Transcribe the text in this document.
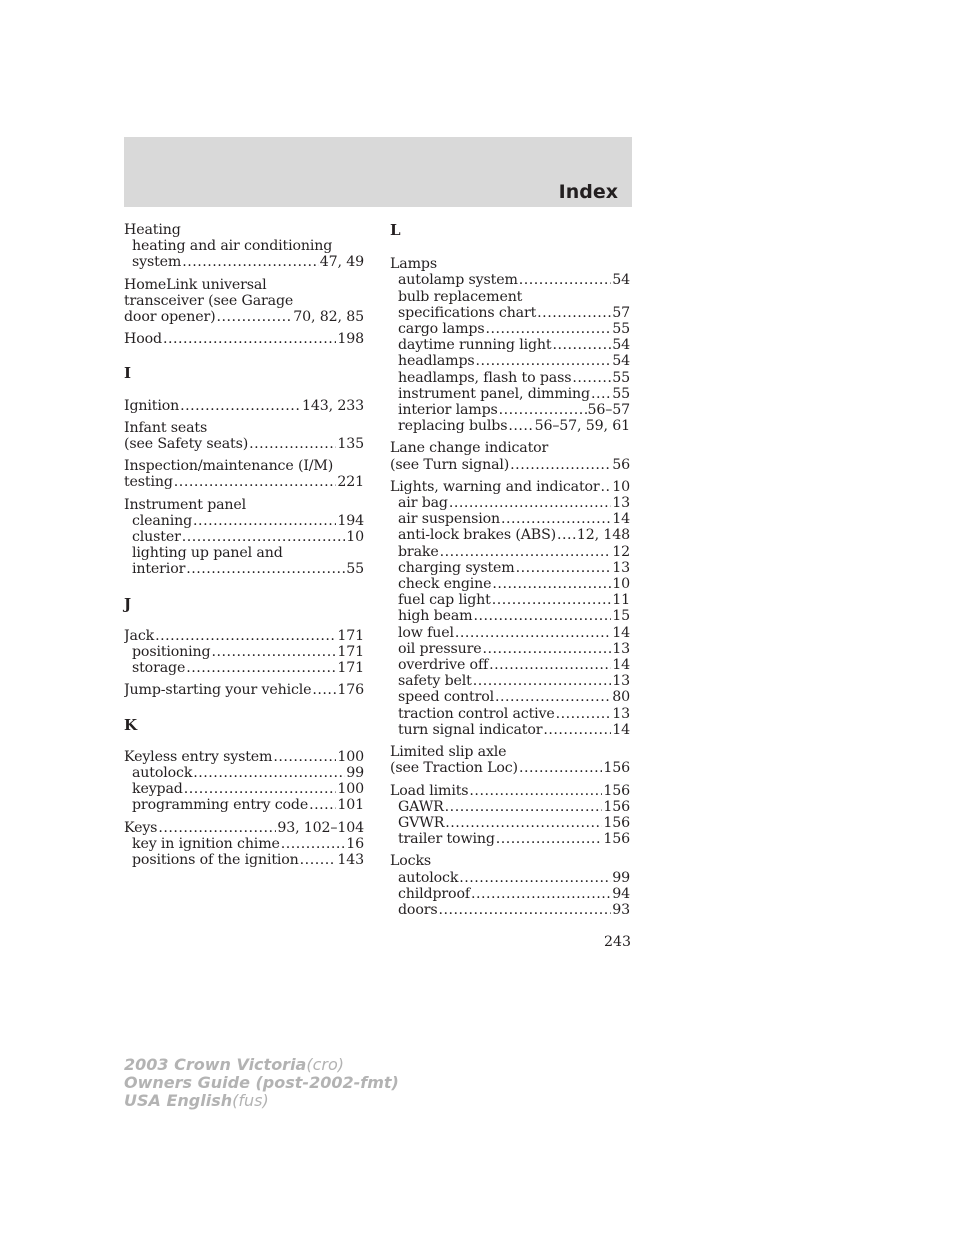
Index
Heating
heating and air conditioning
system .....	47, 49
HomeLink universal
transceiver (see Garage
door opener) .....	70, 82, 85
Hood .....	198
I
Ignition .....	143, 233
Infant seats
(see Safety seats) .....	135
Inspection/maintenance (I/M)
testing .....	221
Instrument panel
cleaning .....	194
cluster .....	10
lighting up panel and
interior .....	55
J
Jack .....	171
positioning .....	171
storage .....	171
Jump-starting your vehicle ..... 176
K
Keyless entry system .....	100
autolock .....	99
keypad .....	100
programming entry code ..... 101
Keys .....	93, 102–104
key in ignition chime .....	16
positions of the ignition .....	143
L
Lamps
autolamp system .....	54
bulb replacement
specifications chart .....	57
cargo lamps .....	55
daytime running light .....	54
headlamps .....	54
headlamps, flash to pass .....	55
instrument panel, dimming ..... 55
interior lamps .....	56–57
replacing bulbs ..... 56–57, 59, 61
Lane change indicator
(see Turn signal) .....	56
Lights, warning and indicator ..... 10
air bag .....	13
air suspension .....	14
anti-lock brakes (ABS) ..... 12, 148
brake .....	12
charging system .....	13
check engine .....	10
fuel cap light .....	11
high beam .....	15
low fuel .....	14
oil pressure .....	13
overdrive off .....	14
safety belt .....	13
speed control .....	80
traction control active .....	13
turn signal indicator .....	14
Limited slip axle
(see Traction Loc) .....	156
Load limits .....	156
GAWR .....	156
GVWR .....	156
trailer towing .....	156
Locks
autolock .....	99
childproof .....	94
doors .....	93
243
2003 Crown Victoria(cro)
Owners Guide (post-2002-fmt)
USA English(fus)
